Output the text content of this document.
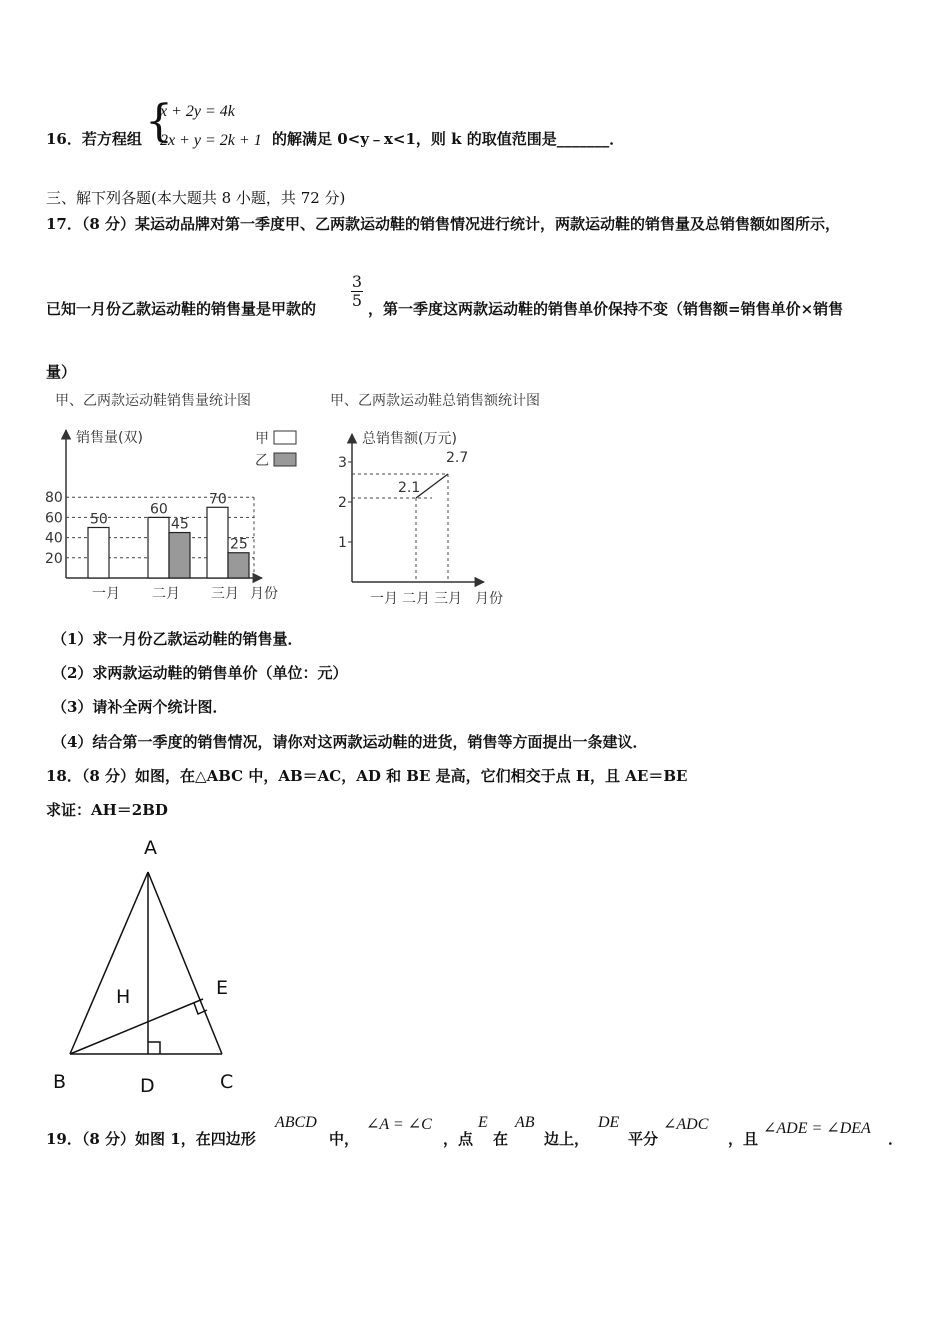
16．若方程组 {
x + 2y = 4k
2x + y = 2k + 1 的解满足 0<y﹣x<1，则 k 的取值范围是_______．
三、解下列各题(本大题共 8 小题，共 72 分)
17．（8 分）某运动品牌对第一季度甲、乙两款运动鞋的销售情况进行统计，两款运动鞋的销售量及总销售额如图所示，
已知一月份乙款运动鞋的销售量是甲款的
3
5 ，第一季度这两款运动鞋的销售单价保持不变（销售额=销售单价×销售
量）
甲、乙两款运动鞋销售量统计图
销售量(双)
月份
甲
乙
20
40
60
80
一月
50
二月
60
45
三月
70
25
甲、乙两款运动鞋总销售额统计图
总销售额(万元)
月份
1
2
3
一月 二月 三月
2.1
2.7
（1）求一月份乙款运动鞋的销售量．
（2）求两款运动鞋的销售单价（单位：元）
（3）请补全两个统计图．
（4）结合第一季度的销售情况，请你对这两款运动鞋的进货，销售等方面提出一条建议．
18．（8 分）如图，在△ABC 中，AB＝AC，AD 和 BE 是高，它们相交于点 H，且 AE＝BE
求证：AH＝2BD
A
B	C
D
E
H
19．（8 分）如图 1，在四边形
ABCD
中，
∠A = ∠C
，点
E
在
AB
边上，
DE
平分
∠ADC
，且
∠ADE = ∠DEA
．
